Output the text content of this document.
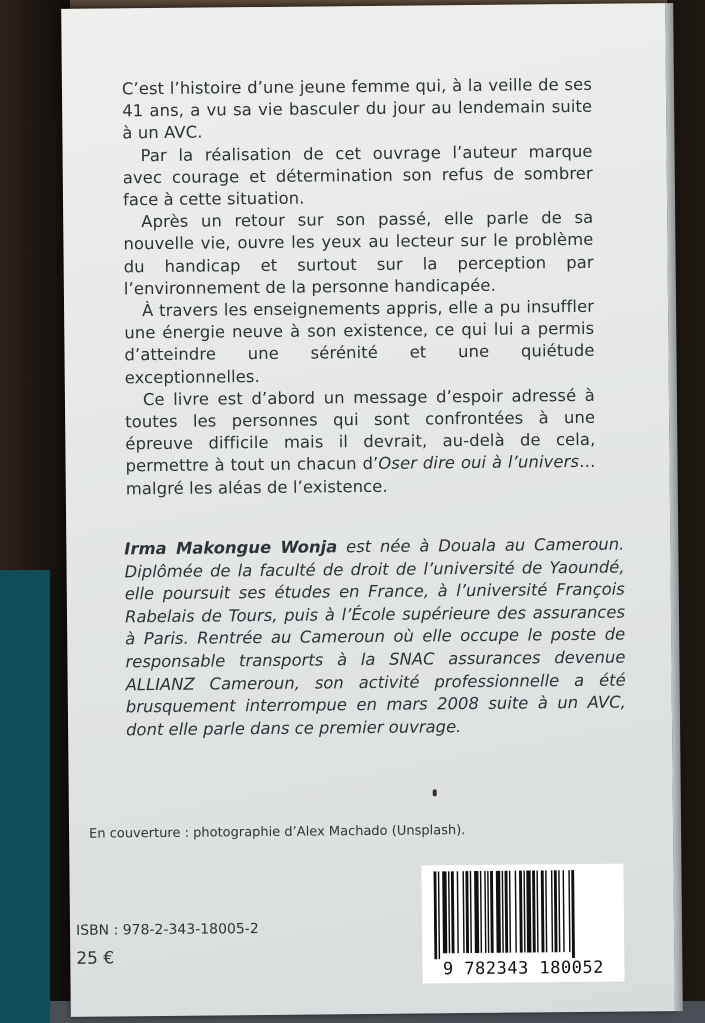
C’est l’histoire d’une jeune femme qui, à la veille de ses 41 ans, a vu sa vie basculer du jour au lendemain suite à un AVC.

Par la réalisation de cet ouvrage l’auteur marque avec courage et détermination son refus de sombrer face à cette situation.

Après un retour sur son passé, elle parle de sa nouvelle vie, ouvre les yeux au lecteur sur le problème du handicap et surtout sur la perception par l’environnement de la personne handicapée.

À travers les enseignements appris, elle a pu insuffler une énergie neuve à son existence, ce qui lui a permis d’atteindre une sérénité et une quiétude exceptionnelles.

Ce livre est d’abord un message d’espoir adressé à toutes les personnes qui sont confrontées à une épreuve difficile mais il devrait, au-delà de cela, permettre à tout un chacun d’Oser dire oui à l’univers… malgré les aléas de l’existence.

Irma Makongue Wonja est née à Douala au Cameroun. Diplômée de la faculté de droit de l’université de Yaoundé, elle poursuit ses études en France, à l’université François Rabelais de Tours, puis à l’École supérieure des assurances à Paris. Rentrée au Cameroun où elle occupe le poste de responsable transports à la SNAC assurances devenue ALLIANZ Cameroun, son activité professionnelle a été brusquement interrompue en mars 2008 suite à un AVC, dont elle parle dans ce premier ouvrage.

En couverture : photographie d’Alex Machado (Unsplash).
ISBN : 978-2-343-18005-2
25 €	9 782343 180052
